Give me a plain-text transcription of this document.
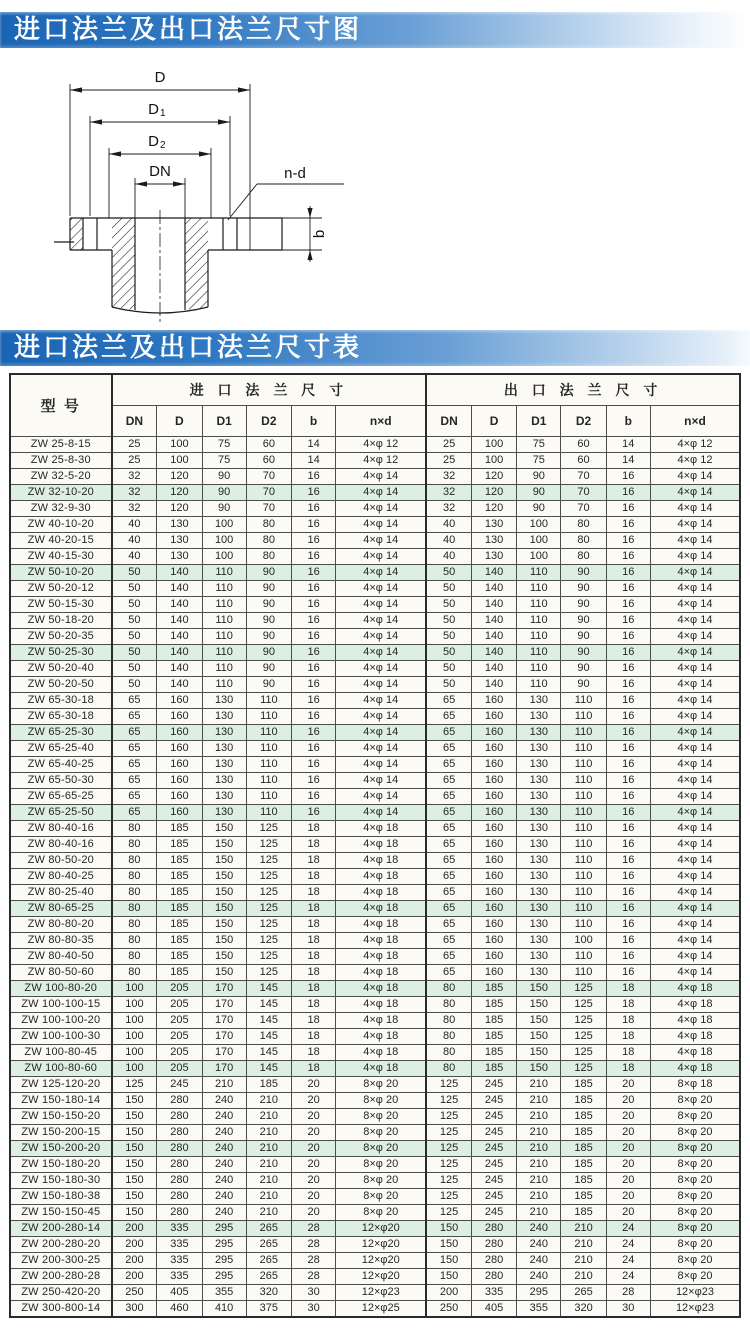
进口法兰及出口法兰尺寸图
D
D 1
D 2
DN	n-d
b
进口法兰及出口法兰尺寸表
型 号	进 口 法 兰 尺 寸						出 口 法 兰 尺 寸					
	DN	D	D1	D2	b	n×d	DN	D	D1	D2	b	n×d
ZW 25-8-15	25	100	75	60	14	4×φ 12	25	100	75	60	14	4×φ 12
ZW 25-8-30	25	100	75	60	14	4×φ 12	25	100	75	60	14	4×φ 12
ZW 32-5-20	32	120	90	70	16	4×φ 14	32	120	90	70	16	4×φ 14
ZW 32-10-20	32	120	90	70	16	4×φ 14	32	120	90	70	16	4×φ 14
ZW 32-9-30	32	120	90	70	16	4×φ 14	32	120	90	70	16	4×φ 14
ZW 40-10-20	40	130	100	80	16	4×φ 14	40	130	100	80	16	4×φ 14
ZW 40-20-15	40	130	100	80	16	4×φ 14	40	130	100	80	16	4×φ 14
ZW 40-15-30	40	130	100	80	16	4×φ 14	40	130	100	80	16	4×φ 14
ZW 50-10-20	50	140	110	90	16	4×φ 14	50	140	110	90	16	4×φ 14
ZW 50-20-12	50	140	110	90	16	4×φ 14	50	140	110	90	16	4×φ 14
ZW 50-15-30	50	140	110	90	16	4×φ 14	50	140	110	90	16	4×φ 14
ZW 50-18-20	50	140	110	90	16	4×φ 14	50	140	110	90	16	4×φ 14
ZW 50-20-35	50	140	110	90	16	4×φ 14	50	140	110	90	16	4×φ 14
ZW 50-25-30	50	140	110	90	16	4×φ 14	50	140	110	90	16	4×φ 14
ZW 50-20-40	50	140	110	90	16	4×φ 14	50	140	110	90	16	4×φ 14
ZW 50-20-50	50	140	110	90	16	4×φ 14	50	140	110	90	16	4×φ 14
ZW 65-30-18	65	160	130	110	16	4×φ 14	65	160	130	110	16	4×φ 14
ZW 65-30-18	65	160	130	110	16	4×φ 14	65	160	130	110	16	4×φ 14
ZW 65-25-30	65	160	130	110	16	4×φ 14	65	160	130	110	16	4×φ 14
ZW 65-25-40	65	160	130	110	16	4×φ 14	65	160	130	110	16	4×φ 14
ZW 65-40-25	65	160	130	110	16	4×φ 14	65	160	130	110	16	4×φ 14
ZW 65-50-30	65	160	130	110	16	4×φ 14	65	160	130	110	16	4×φ 14
ZW 65-65-25	65	160	130	110	16	4×φ 14	65	160	130	110	16	4×φ 14
ZW 65-25-50	65	160	130	110	16	4×φ 14	65	160	130	110	16	4×φ 14
ZW 80-40-16	80	185	150	125	18	4×φ 18	65	160	130	110	16	4×φ 14
ZW 80-40-16	80	185	150	125	18	4×φ 18	65	160	130	110	16	4×φ 14
ZW 80-50-20	80	185	150	125	18	4×φ 18	65	160	130	110	16	4×φ 14
ZW 80-40-25	80	185	150	125	18	4×φ 18	65	160	130	110	16	4×φ 14
ZW 80-25-40	80	185	150	125	18	4×φ 18	65	160	130	110	16	4×φ 14
ZW 80-65-25	80	185	150	125	18	4×φ 18	65	160	130	110	16	4×φ 14
ZW 80-80-20	80	185	150	125	18	4×φ 18	65	160	130	110	16	4×φ 14
ZW 80-80-35	80	185	150	125	18	4×φ 18	65	160	130	100	16	4×φ 14
ZW 80-40-50	80	185	150	125	18	4×φ 18	65	160	130	110	16	4×φ 14
ZW 80-50-60	80	185	150	125	18	4×φ 18	65	160	130	110	16	4×φ 14
ZW 100-80-20	100	205	170	145	18	4×φ 18	80	185	150	125	18	4×φ 18
ZW 100-100-15	100	205	170	145	18	4×φ 18	80	185	150	125	18	4×φ 18
ZW 100-100-20	100	205	170	145	18	4×φ 18	80	185	150	125	18	4×φ 18
ZW 100-100-30	100	205	170	145	18	4×φ 18	80	185	150	125	18	4×φ 18
ZW 100-80-45	100	205	170	145	18	4×φ 18	80	185	150	125	18	4×φ 18
ZW 100-80-60	100	205	170	145	18	4×φ 18	80	185	150	125	18	4×φ 18
ZW 125-120-20	125	245	210	185	20	8×φ 20	125	245	210	185	20	8×φ 18
ZW 150-180-14	150	280	240	210	20	8×φ 20	125	245	210	185	20	8×φ 20
ZW 150-150-20	150	280	240	210	20	8×φ 20	125	245	210	185	20	8×φ 20
ZW 150-200-15	150	280	240	210	20	8×φ 20	125	245	210	185	20	8×φ 20
ZW 150-200-20	150	280	240	210	20	8×φ 20	125	245	210	185	20	8×φ 20
ZW 150-180-20	150	280	240	210	20	8×φ 20	125	245	210	185	20	8×φ 20
ZW 150-180-30	150	280	240	210	20	8×φ 20	125	245	210	185	20	8×φ 20
ZW 150-180-38	150	280	240	210	20	8×φ 20	125	245	210	185	20	8×φ 20
ZW 150-150-45	150	280	240	210	20	8×φ 20	125	245	210	185	20	8×φ 20
ZW 200-280-14	200	335	295	265	28	12×φ20	150	280	240	210	24	8×φ 20
ZW 200-280-20	200	335	295	265	28	12×φ20	150	280	240	210	24	8×φ 20
ZW 200-300-25	200	335	295	265	28	12×φ20	150	280	240	210	24	8×φ 20
ZW 200-280-28	200	335	295	265	28	12×φ20	150	280	240	210	24	8×φ 20
ZW 250-420-20	250	405	355	320	30	12×φ23	200	335	295	265	28	12×φ23
ZW 300-800-14	300	460	410	375	30	12×φ25	250	405	355	320	30	12×φ23
